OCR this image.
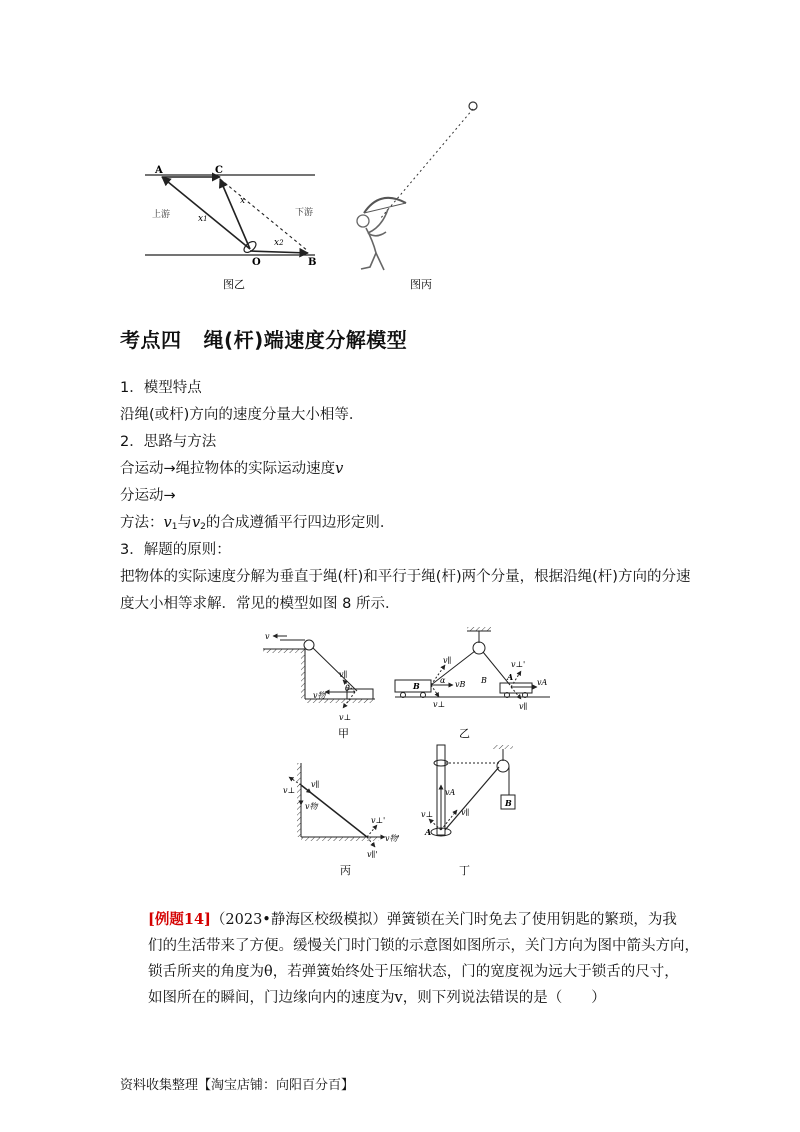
A	C
O	B
x
x1
x2
上游	下游
图乙	图丙
考点四 绳(杆)端速度分解模型
1．模型特点
沿绳(或杆)方向的速度分量大小相等．
2．思路与方法
合运动→绳拉物体的实际运动速度v
分运动→
方法：$v_1$与$v_2$的合成遵循平行四边形定则．
3．解题的原则：
把物体的实际速度分解为垂直于绳(杆)和平行于绳(杆)两个分量，根据沿绳(杆)方向的分速
度大小相等求解．常见的模型如图 8 所示．
v
v∥
v物
v⊥
θ
甲
v∥
α vB
B
v⊥
B
v⊥'
A
vA
v∥
乙
v⊥
v∥
v物
v⊥'
v物'
v∥'
丙
vA
v⊥	v∥
A
B
丁
[例题14]（2023•静海区校级模拟）弹簧锁在关门时免去了使用钥匙的繁琐，为我
们的生活带来了方便。缓慢关门时门锁的示意图如图所示，关门方向为图中箭头方向，
锁舌所夹的角度为θ，若弹簧始终处于压缩状态，门的宽度视为远大于锁舌的尺寸，
如图所在的瞬间，门边缘向内的速度为v，则下列说法错误的是（　　）
资料收集整理【淘宝店铺：向阳百分百】
